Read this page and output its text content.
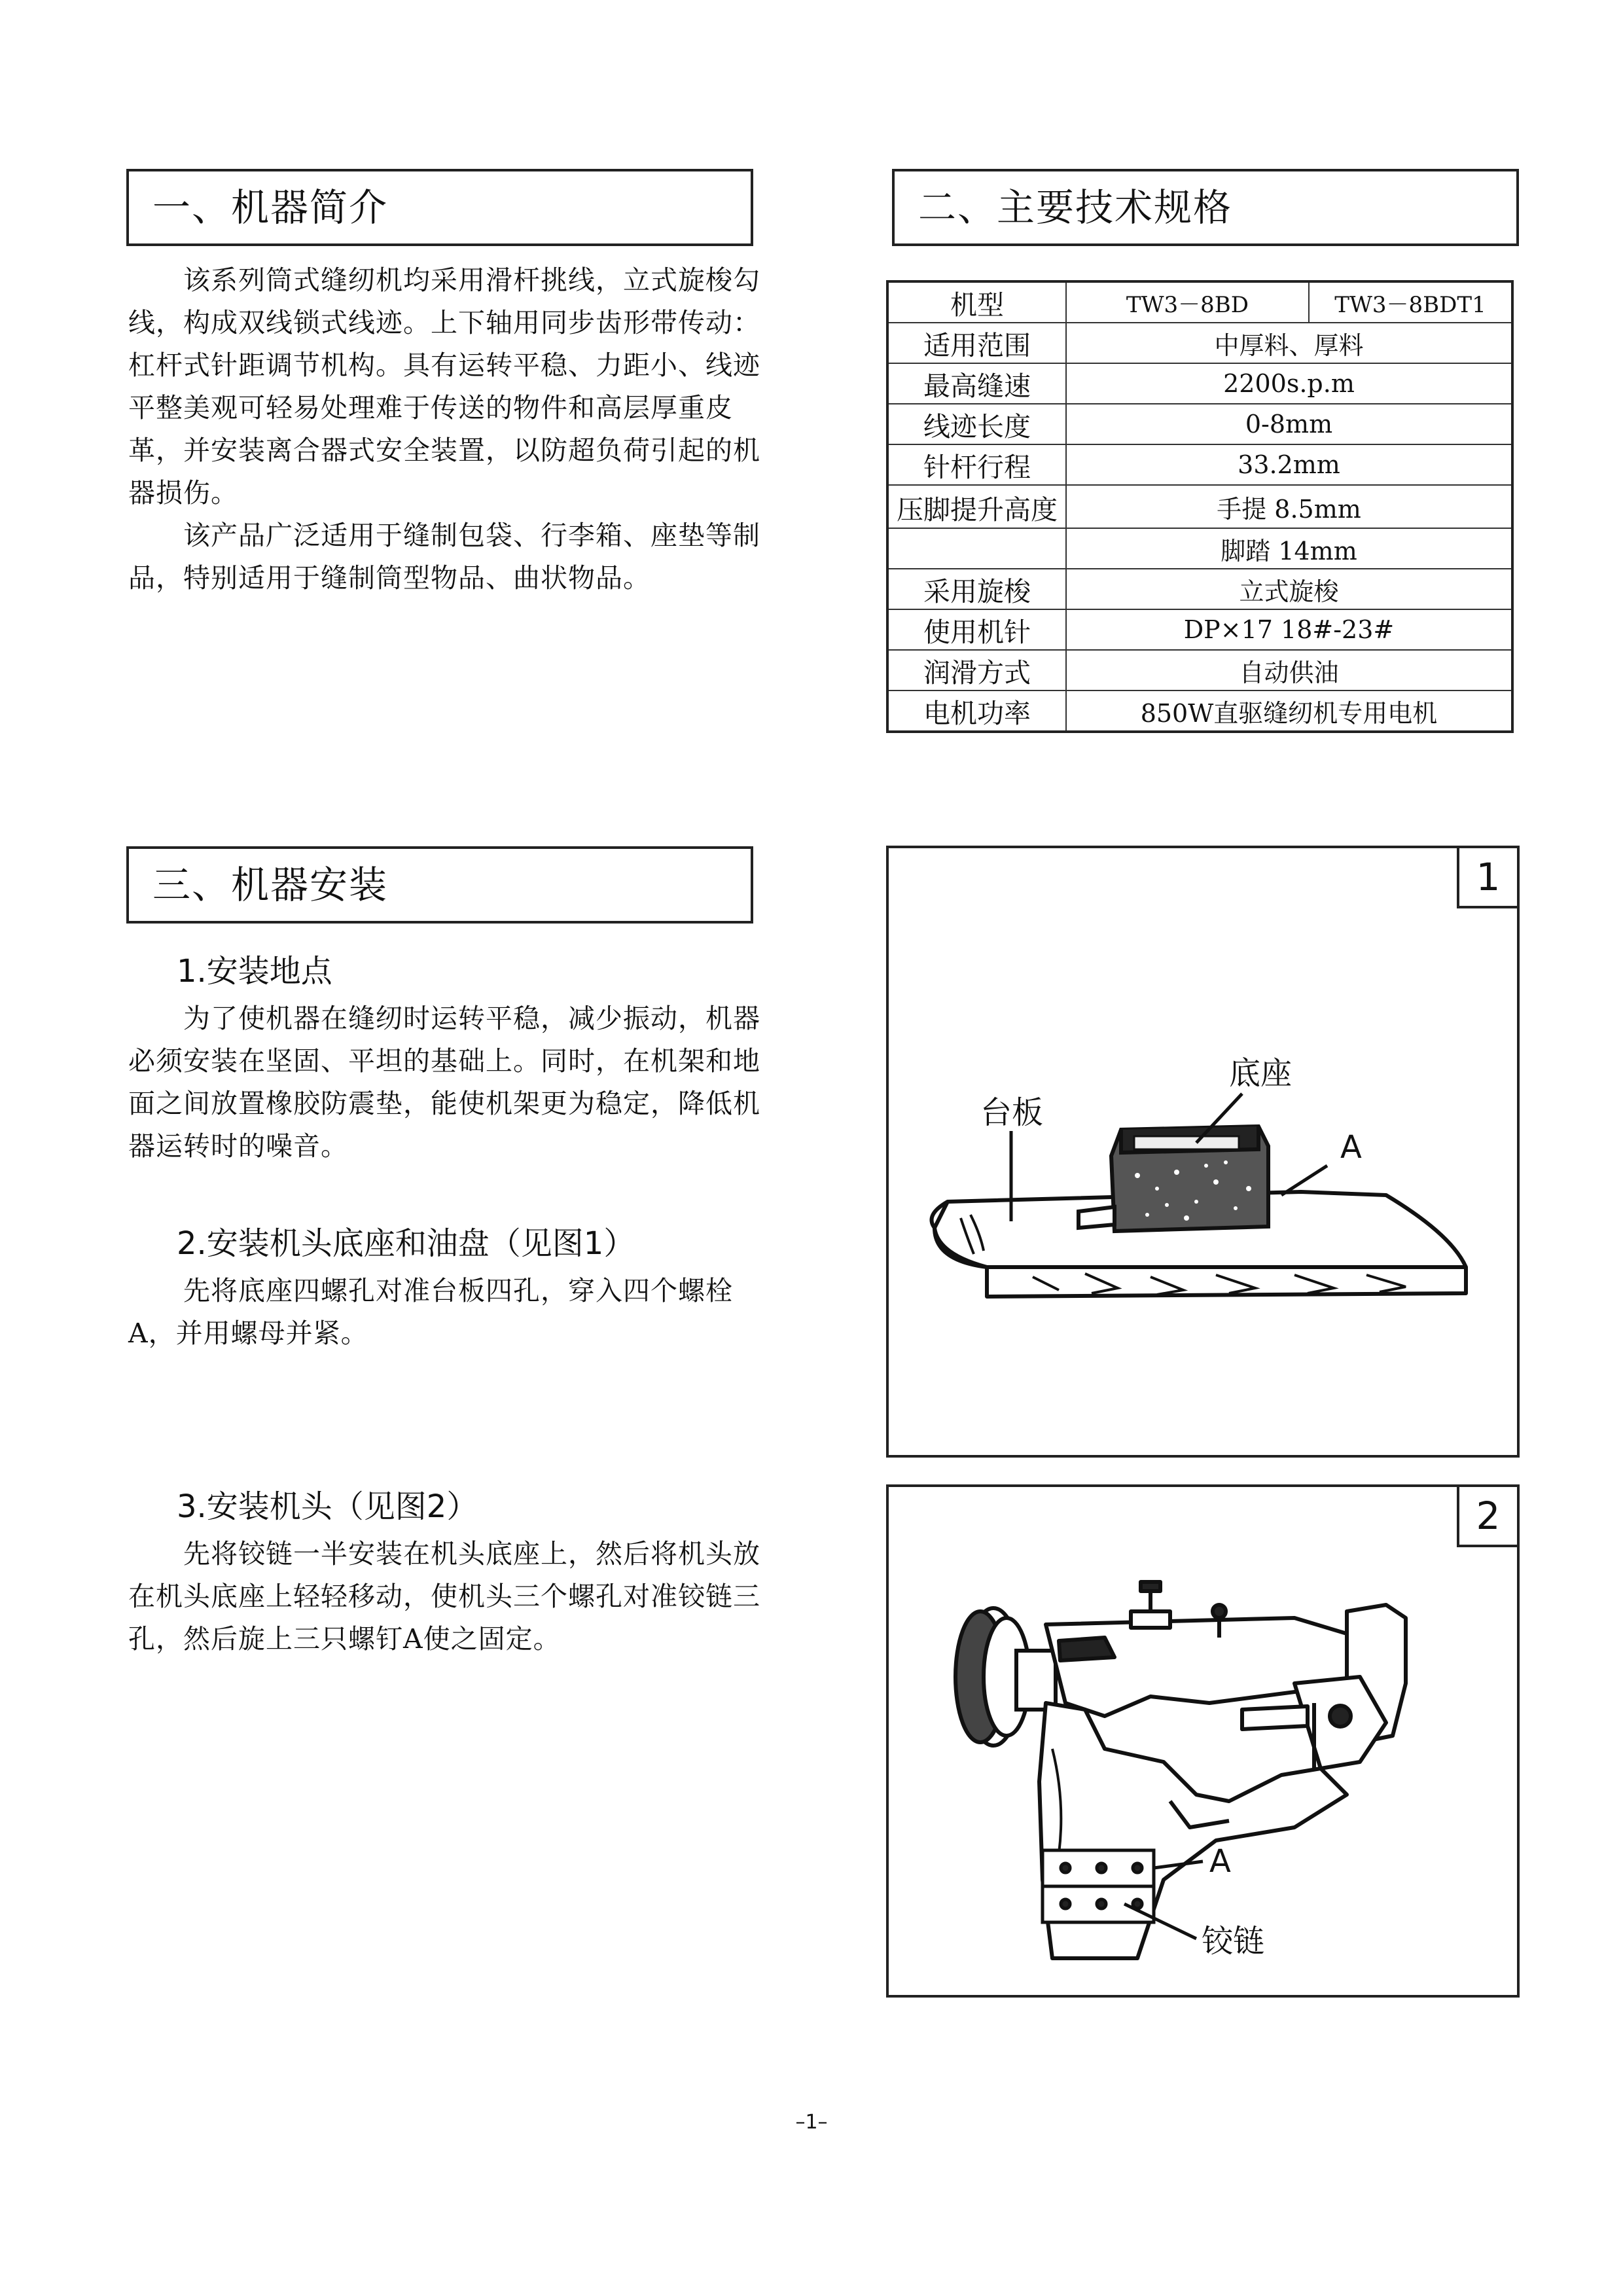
一、机器简介

该系列筒式缝纫机均采用滑杆挑线，立式旋梭勾线，构成双线锁式线迹。上下轴用同步齿形带传动：杠杆式针距调节机构。具有运转平稳、力距小、线迹平整美观可轻易处理难于传送的物件和高层厚重皮革，并安装离合器式安全装置，以防超负荷引起的机器损伤。

该产品广泛适用于缝制包袋、行李箱、座垫等制品，特别适用于缝制筒型物品、曲状物品。

二、主要技术规格
机型	TW3－8BD	TW3－8BDT1
适用范围	中厚料、厚料	
最高缝速	2200s.p.m	
线迹长度	0-8mm	
针杆行程	33.2mm	
压脚提升高度	手提 8.5mm	
	脚踏 14mm	
采用旋梭	立式旋梭	
使用机针	DP×17 18#-23#	
润滑方式	自动供油	
电机功率	850W直驱缝纫机专用电机	
三、机器安装
1.安装地点

为了使机器在缝纫时运转平稳，减少振动，机器必须安装在坚固、平坦的基础上。同时，在机架和地面之间放置橡胶防震垫，能使机架更为稳定，降低机器运转时的噪音。

2.安装机头底座和油盘（见图1）

先将底座四螺孔对准台板四孔，穿入四个螺栓A，并用螺母并紧。

3.安装机头（见图2）

先将铰链一半安装在机头底座上，然后将机头放在机头底座上轻轻移动，使机头三个螺孔对准铰链三孔，然后旋上三只螺钉A使之固定。

1
底座
台板
A
2
A
铰链
–1–
